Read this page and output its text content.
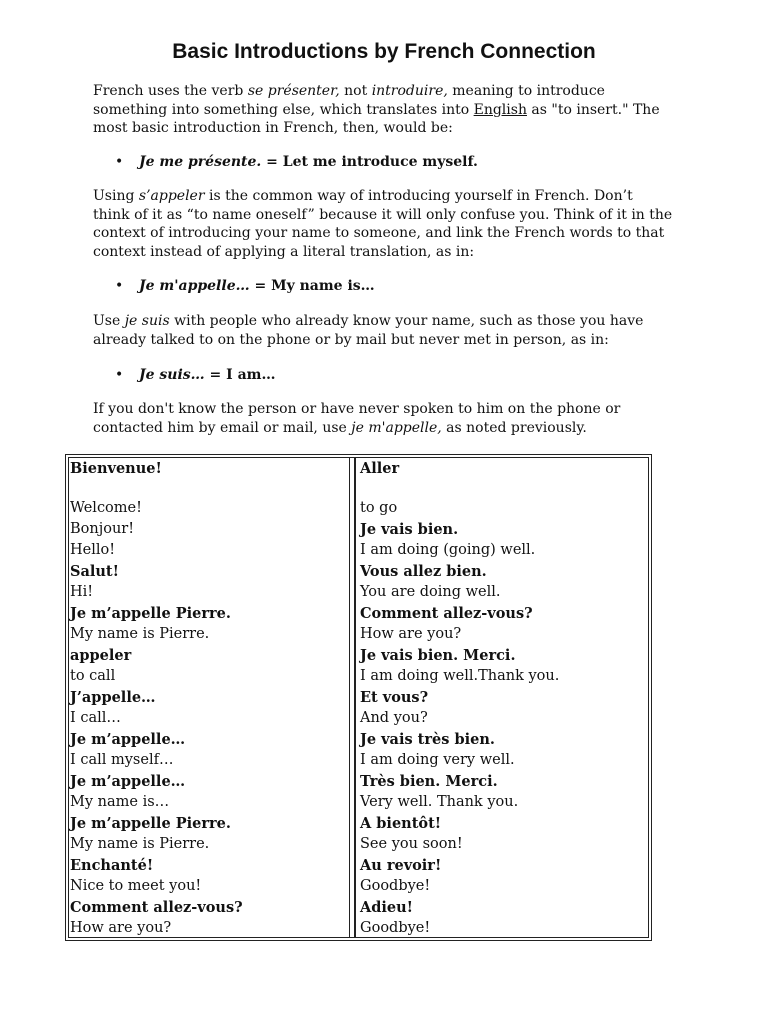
Basic Introductions by French Connection

French uses the verb se présenter, not introduire, meaning to introduce something into something else, which translates into English as "to insert." The most basic introduction in French, then, would be:

• Je me présente. = Let me introduce myself.

Using s’appeler is the common way of introducing yourself in French. Don’t think of it as “to name oneself” because it will only confuse you. Think of it in the context of introducing your name to someone, and link the French words to that context instead of applying a literal translation, as in:

• Je m'appelle… = My name is…

Use je suis with people who already know your name, such as those you have already talked to on the phone or by mail but never met in person, as in:

• Je suis… = I am…

If you don't know the person or have never spoken to him on the phone or contacted him by email or mail, use je m'appelle, as noted previously.

Bienvenue!
Welcome!
Bonjour!
Hello!
Salut!
Hi!
Je m’appelle Pierre.
My name is Pierre.
appeler
to call
J’appelle…
I call…
Je m’appelle…
I call myself…
Je m’appelle…
My name is…
Je m’appelle Pierre.
My name is Pierre.
Enchanté!
Nice to meet you!
Comment allez-vous?
How are you?
Aller
to go
Je vais bien.
I am doing (going) well.
Vous allez bien.
You are doing well.
Comment allez-vous?
How are you?
Je vais bien. Merci.
I am doing well.Thank you.
Et vous?
And you?
Je vais très bien.
I am doing very well.
Très bien. Merci.
Very well. Thank you.
A bientôt!
See you soon!
Au revoir!
Goodbye!
Adieu!
Goodbye!
